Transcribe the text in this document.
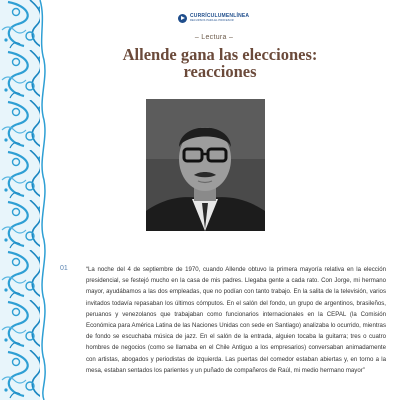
CURRÍCULUMENLÍNEA
RECURSOS PARA EL PROFESOR
– Lectura –
Allende gana las elecciones:
reacciones
01	“La noche del 4 de septiembre de 1970, cuando Allende obtuvo la primera mayoría relativa en la elección presidencial, se festejó mucho en la casa de mis padres. Llegaba gente a cada rato. Con Jorge, mi hermano mayor, ayudábamos a las dos empleadas, que no podían con tanto trabajo. En la salita de la televisión, varios invitados todavía repasaban los últimos cómputos. En el salón del fondo, un grupo de argentinos, brasileños, peruanos y venezolanos que trabajaban como funcionarios internacionales en la CEPAL (la Comisión Económica para América Latina de las Naciones Unidas con sede en Santiago) analizaba lo ocurrido, mientras de fondo se escuchaba música de jazz. En el salón de la entrada, alguien tocaba la guitarra; tres o cuatro hombres de negocios (como se llamaba en el Chile Antiguo a los empresarios) conversaban animadamente con artistas, abogados y periodistas de izquierda. Las puertas del comedor estaban abiertas y, en torno a la mesa, estaban sentados los parientes y un puñado de compañeros de Raúl, mi medio hermano mayor”
